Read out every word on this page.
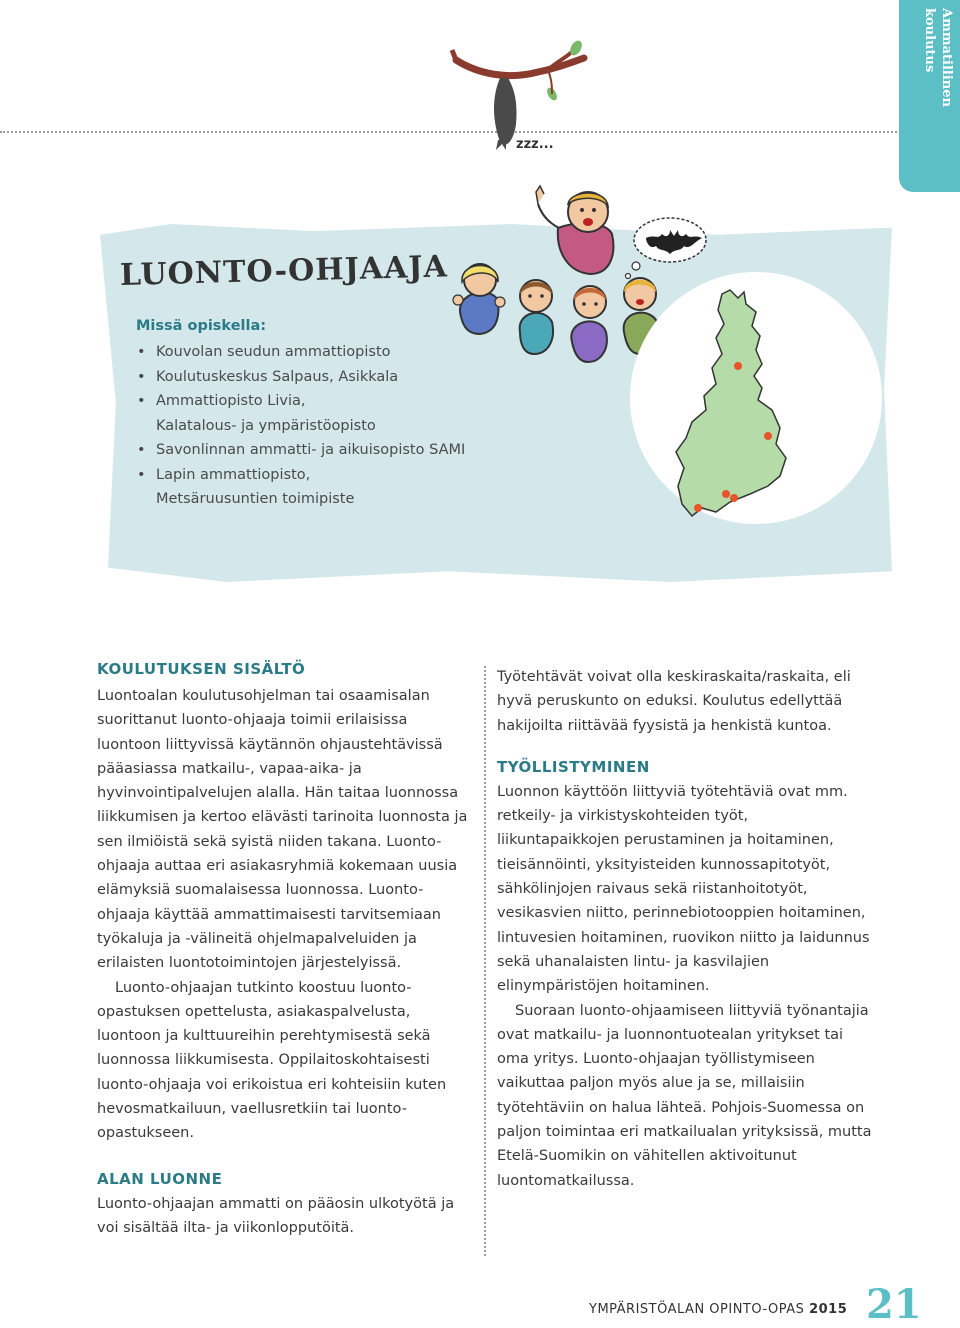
Ammatillinen
koulutus
zzz...
LUONTO-OHJAAJA
Missä opiskella:
• Kouvolan seudun ammattiopisto
• Koulutuskeskus Salpaus, Asikkala
• Ammattiopisto Livia,
Kalatalous- ja ympäristöopisto
• Savonlinnan ammatti- ja aikuisopisto SAMI
• Lapin ammattiopisto,
Metsäruusuntien toimipiste
KOULUTUKSEN SISÄLTÖ

Luontoalan koulutusohjelman tai osaamisalan suorittanut luonto-ohjaaja toimii erilaisissa luontoon liittyvissä käytännön ohjaustehtävissä pääasiassa matkailu-, vapaa-aika- ja hyvinvointipalvelujen alalla. Hän taitaa luonnossa liikkumisen ja kertoo elävästi tarinoita luonnosta ja sen ilmiöistä sekä syistä niiden takana. Luonto-ohjaaja auttaa eri asiakasryhmiä kokemaan uusia elämyksiä suomalaisessa luonnossa. Luonto-ohjaaja käyttää ammattimaisesti tarvitsemiaan työkaluja ja -välineitä ohjelmapalveluiden ja erilaisten luontotoimintojen järjestelyissä.

Luonto-ohjaajan tutkinto koostuu luonto-opastuksen opettelusta, asiakaspalvelusta, luontoon ja kulttuureihin perehtymisestä sekä luonnossa liikkumisesta. Oppilaitoskohtaisesti luonto-ohjaaja voi erikoistua eri kohteisiin kuten hevosmatkailuun, vaellusretkiin tai luonto-opastukseen.

ALAN LUONNE

Luonto-ohjaajan ammatti on pääosin ulkotyötä ja voi sisältää ilta- ja viikonlopputöitä.

Työtehtävät voivat olla keskiraskaita/raskaita, eli hyvä peruskunto on eduksi. Koulutus edellyttää hakijoilta riittävää fyysistä ja henkistä kuntoa.

TYÖLLISTYMINEN

Luonnon käyttöön liittyviä työtehtäviä ovat mm. retkeily- ja virkistyskohteiden työt, liikuntapaikkojen perustaminen ja hoitaminen, tieisännöinti, yksityisteiden kunnossapitotyöt, sähkölinjojen raivaus sekä riistanhoitotyöt, vesikasvien niitto, perinnebiotooppien hoitaminen, lintuvesien hoitaminen, ruovikon niitto ja laidunnus sekä uhanalaisten lintu- ja kasvilajien elinympäristöjen hoitaminen.

Suoraan luonto-ohjaamiseen liittyviä työnantajia ovat matkailu- ja luonnontuotealan yritykset tai oma yritys. Luonto-ohjaajan työllistymiseen vaikuttaa paljon myös alue ja se, millaisiin työtehtäviin on halua lähteä. Pohjois-Suomessa on paljon toimintaa eri matkailualan yrityksissä, mutta Etelä-Suomikin on vähitellen aktivoitunut luontomatkailussa.

YMPÄRISTÖALAN OPINTO-OPAS 2015 21
